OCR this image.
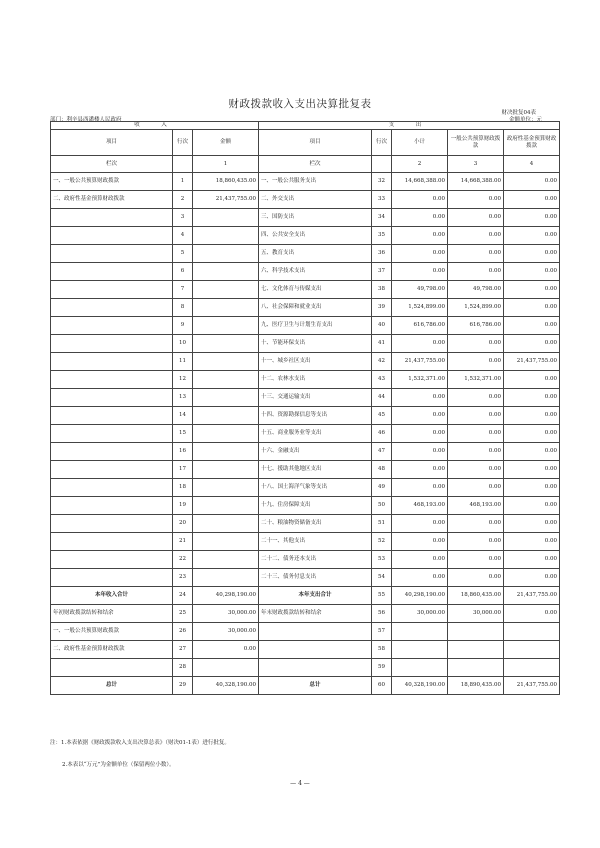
财政拨款收入支出决算批复表
财决批复04表
部门：利辛县西潘楼人民政府	金额单位：元
收　入			支　出				
项目	行次	金额	项目	行次	小计	一般公共预算财政拨款	政府性基金预算财政拨款
栏次		1	栏次		2	3	4
一、一般公共预算财政拨款	1	18,860,435.00	一、一般公共服务支出	32	14,668,388.00	14,668,388.00	0.00
二、政府性基金预算财政拨款	2	21,437,755.00	二、外交支出	33	0.00	0.00	0.00
	3		三、国防支出	34	0.00	0.00	0.00
	4		四、公共安全支出	35	0.00	0.00	0.00
	5		五、教育支出	36	0.00	0.00	0.00
	6		六、科学技术支出	37	0.00	0.00	0.00
	7		七、文化体育与传媒支出	38	49,798.00	49,798.00	0.00
	8		八、社会保障和就业支出	39	1,524,899.00	1,524,899.00	0.00
	9		九、医疗卫生与计划生育支出	40	616,786.00	616,786.00	0.00
	10		十、节能环保支出	41	0.00	0.00	0.00
	11		十一、城乡社区支出	42	21,437,755.00	0.00	21,437,755.00
	12		十二、农林水支出	43	1,532,371.00	1,532,371.00	0.00
	13		十三、交通运输支出	44	0.00	0.00	0.00
	14		十四、资源勘探信息等支出	45	0.00	0.00	0.00
	15		十五、商业服务业等支出	46	0.00	0.00	0.00
	16		十六、金融支出	47	0.00	0.00	0.00
	17		十七、援助其他地区支出	48	0.00	0.00	0.00
	18		十八、国土海洋气象等支出	49	0.00	0.00	0.00
	19		十九、住房保障支出	50	468,193.00	468,193.00	0.00
	20		二十、粮油物资储备支出	51	0.00	0.00	0.00
	21		二十一、其他支出	52	0.00	0.00	0.00
	22		二十二、债务还本支出	53	0.00	0.00	0.00
	23		二十三、债务付息支出	54	0.00	0.00	0.00
本年收入合计	24	40,298,190.00	本年支出合计	55	40,298,190.00	18,860,435.00	21,437,755.00
年初财政拨款结转和结余	25	30,000.00	年末财政拨款结转和结余	56	30,000.00	30,000.00	0.00
一、一般公共预算财政拨款	26	30,000.00		57			
二、政府性基金预算财政拨款	27	0.00		58			
	28			59			
总计	29	40,328,190.00	总计	60	40,328,190.00	18,890,435.00	21,437,755.00
注：1.本表依据《财政拨款收入支出决算总表》（财决01-1表）进行批复。
2.本表以“万元”为金额单位（保留两位小数）。
— 4 —
